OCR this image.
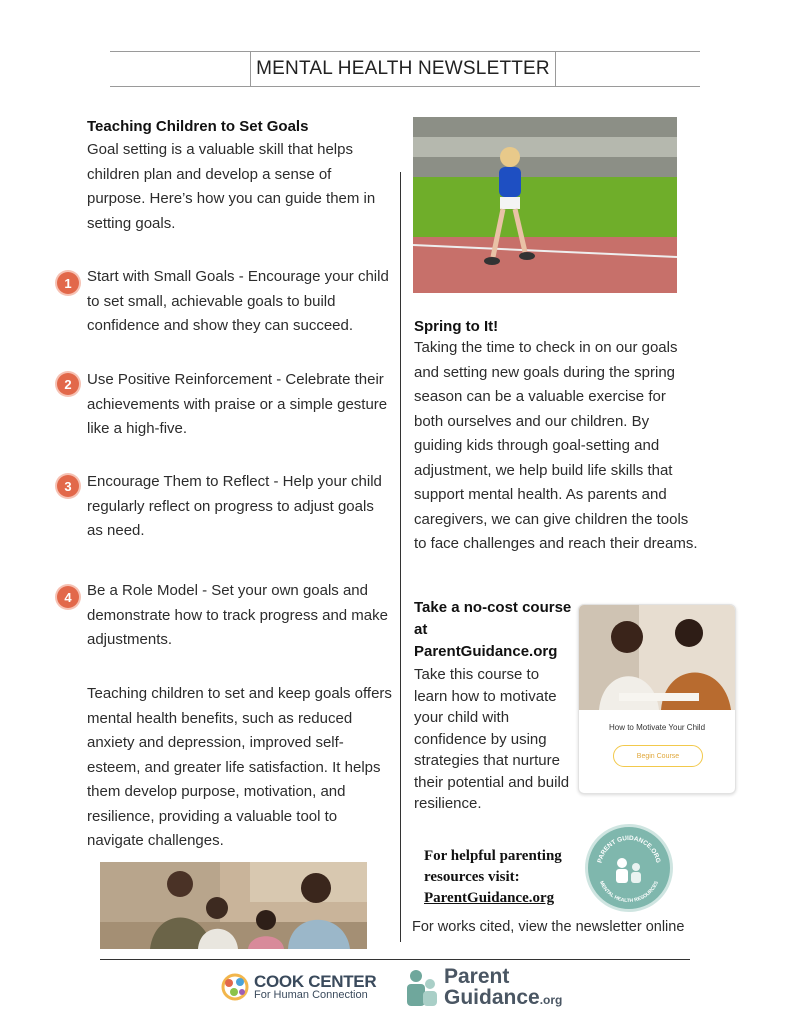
MENTAL HEALTH NEWSLETTER
Teaching Children to Set Goals
Goal setting is a valuable skill that helps children plan and develop a sense of purpose. Here’s how you can guide them in setting goals.
1	Start with Small Goals - Encourage your child to set small, achievable goals to build confidence and show they can succeed.
2	Use Positive Reinforcement - Celebrate their achievements with praise or a simple gesture like a high-five.
3	Encourage Them to Reflect - Help your child regularly reflect on progress to adjust goals as need.
4	Be a Role Model - Set your own goals and demonstrate how to track progress and make adjustments.
Teaching children to set and keep goals offers mental health benefits, such as reduced anxiety and depression, improved self-esteem, and greater life satisfaction. It helps them develop purpose, motivation, and resilience, providing a valuable tool to navigate challenges.
Spring to It!
Taking the time to check in on our goals and setting new goals during the spring season can be a valuable exercise for both ourselves and our children. By guiding kids through goal-setting and adjustment, we help build life skills that support mental health. As parents and caregivers, we can give children the tools to face challenges and reach their dreams.
Take a no-cost course at ParentGuidance.org
Take this course to learn how to motivate your child with confidence by using strategies that nurture their potential and build resilience.
How to Motivate Your Child
Begin Course
For helpful parenting resources visit:
ParentGuidance.org
PARENT GUIDANCE.ORG
MENTAL HEALTH RESOURCES
For works cited, view the newsletter online
COOK CENTER
For Human Connection
Parent
Guidance.org
